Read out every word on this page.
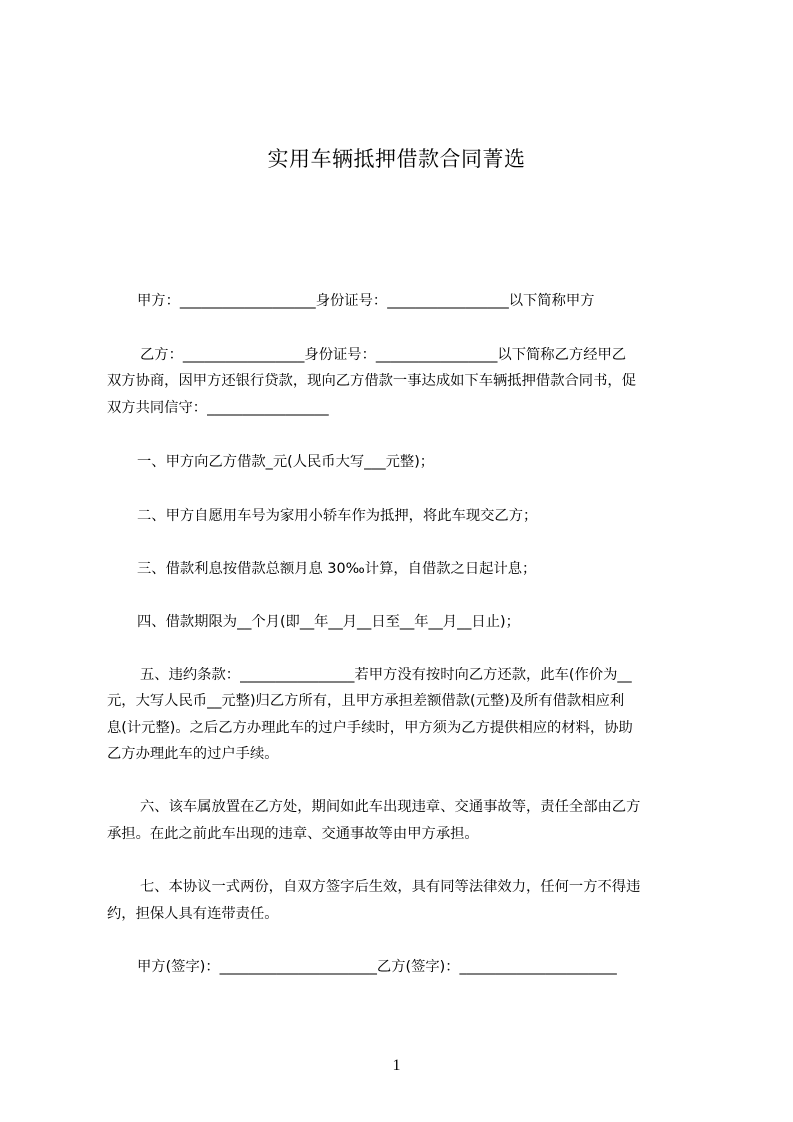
实用车辆抵押借款合同菁选
甲方：___________________身份证号：_________________以下简称甲方
乙方：_________________身份证号：_________________以下简称乙方经甲乙
双方协商，因甲方还银行贷款，现向乙方借款一事达成如下车辆抵押借款合同书，促
双方共同信守：_________________
一、甲方向乙方借款_元(人民币大写___元整)；
二、甲方自愿用车号为家用小轿车作为抵押，将此车现交乙方；
三、借款利息按借款总额月息 30‰计算，自借款之日起计息；
四、借款期限为__个月(即__年__月__日至__年__月__日止)；
五、违约条款：________________若甲方没有按时向乙方还款，此车(作价为__
元，大写人民币__元整)归乙方所有，且甲方承担差额借款(元整)及所有借款相应利
息(计元整)。之后乙方办理此车的过户手续时，甲方须为乙方提供相应的材料，协助
乙方办理此车的过户手续。
六、该车属放置在乙方处，期间如此车出现违章、交通事故等，责任全部由乙方
承担。在此之前此车出现的违章、交通事故等由甲方承担。
七、本协议一式两份，自双方签字后生效，具有同等法律效力，任何一方不得违
约，担保人具有连带责任。
甲方(签字)：______________________乙方(签字)：______________________
1
